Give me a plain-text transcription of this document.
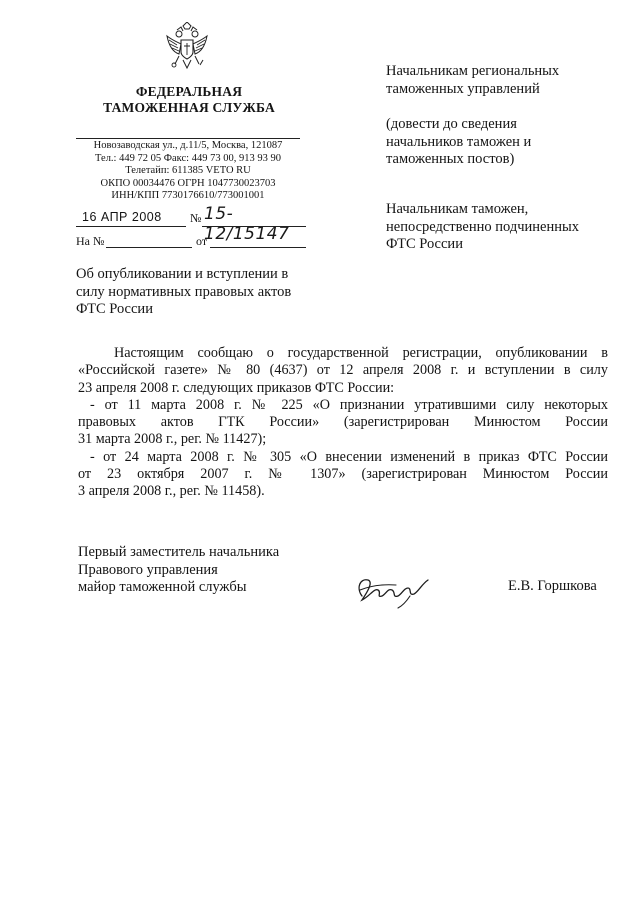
ФЕДЕРАЛЬНАЯ
ТАМОЖЕННАЯ СЛУЖБА
Новозаводская ул., д.11/5, Москва, 121087
Тел.: 449 72 05 Факс: 449 73 00, 913 93 90
Телетайп: 611385 VETO RU
ОКПО 00034476 ОГРН 1047730023703
ИНН/КПП 7730176610/773001001
16 АПР 2008 № 15-12/15147
На №	от
Начальникам региональных
таможенных управлений
(довести до сведения
начальников таможен и
таможенных постов)
Начальникам таможен,
непосредственно подчиненных
ФТС России
Об опубликовании и вступлении в
силу нормативных правовых актов
ФТС России
Настоящим сообщаю о государственной регистрации, опубликовании в
«Российской газете» № 80 (4637) от 12 апреля 2008 г. и вступлении в силу
23 апреля 2008 г. следующих приказов ФТС России:
- от 11 марта 2008 г. № 225 «О признании утратившими силу некоторых
правовых актов ГТК России» (зарегистрирован Минюстом России
31 марта 2008 г., рег. № 11427);
- от 24 марта 2008 г. № 305 «О внесении изменений в приказ ФТС России
от 23 октября 2007 г. № 1307» (зарегистрирован Минюстом России
3 апреля 2008 г., рег. № 11458).
Первый заместитель начальника
Правового управления
майор таможенной службы	Е.В. Горшкова
